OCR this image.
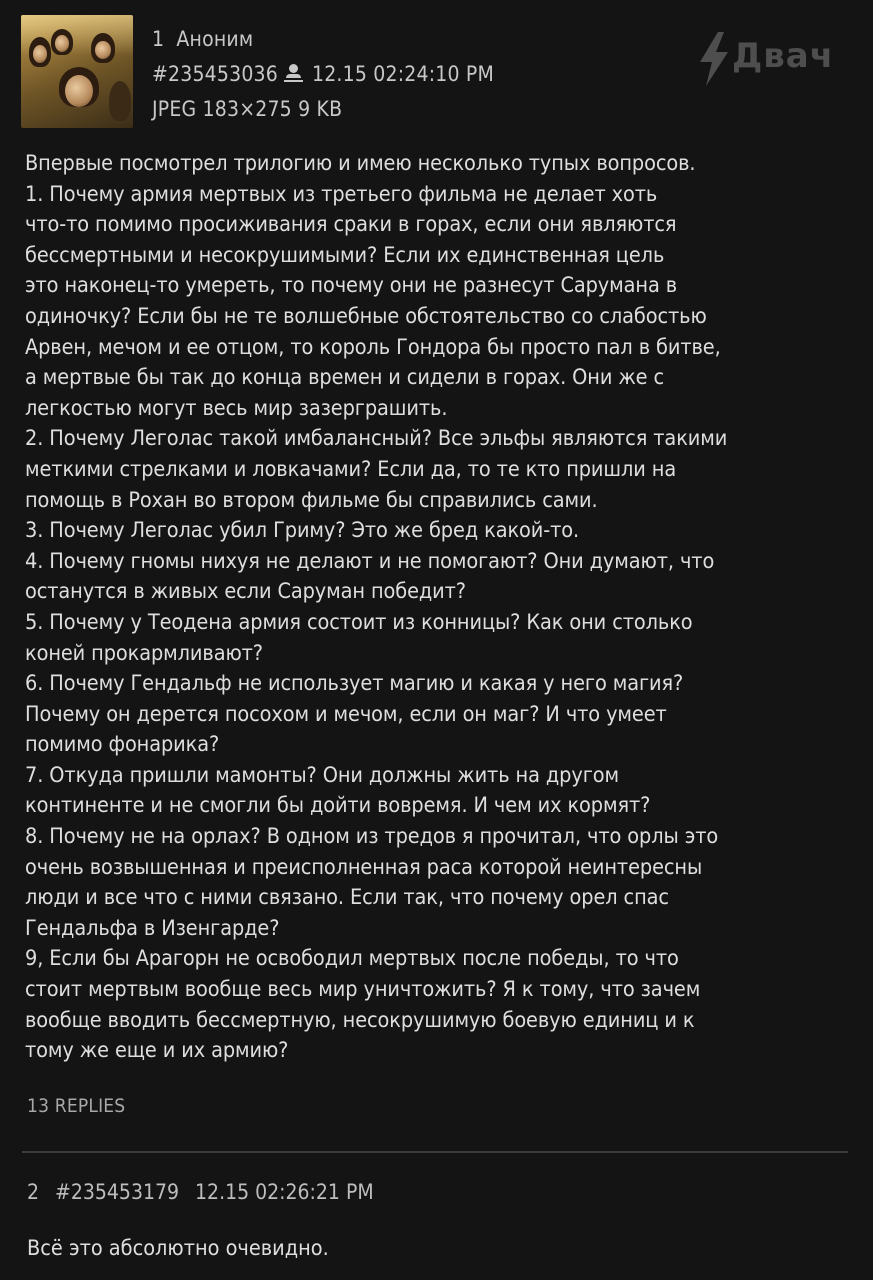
1 Аноним
#235453036 12.15 02:24:10 PM
JPEG 183×275 9 KB
Двач
Впервые посмотрел трилогию и имею несколько тупых вопросов.
1. Почему армия мертвых из третьего фильма не делает хоть
что-то помимо просиживания сраки в горах, если они являются
бессмертными и несокрушимыми? Если их единственная цель
это наконец-то умереть, то почему они не разнесут Сарумана в
одиночку? Если бы не те волшебные обстоятельство со слабостью
Арвен, мечом и ее отцом, то король Гондора бы просто пал в битве,
а мертвые бы так до конца времен и сидели в горах. Они же с
легкостью могут весь мир зазерграшить.
2. Почему Леголас такой имбалансный? Все эльфы являются такими
меткими стрелками и ловкачами? Если да, то те кто пришли на
помощь в Рохан во втором фильме бы справились сами.
3. Почему Леголас убил Гриму? Это же бред какой-то.
4. Почему гномы нихуя не делают и не помогают? Они думают, что
останутся в живых если Саруман победит?
5. Почему у Теодена армия состоит из конницы? Как они столько
коней прокармливают?
6. Почему Гендальф не использует магию и какая у него магия?
Почему он дерется посохом и мечом, если он маг? И что умеет
помимо фонарика?
7. Откуда пришли мамонты? Они должны жить на другом
континенте и не смогли бы дойти вовремя. И чем их кормят?
8. Почему не на орлах? В одном из тредов я прочитал, что орлы это
очень возвышенная и преисполненная раса которой неинтересны
люди и все что с ними связано. Если так, что почему орел спас
Гендальфа в Изенгарде?
9, Если бы Арагорн не освободил мертвых после победы, то что
стоит мертвым вообще весь мир уничтожить? Я к тому, что зачем
вообще вводить бессмертную, несокрушимую боевую единиц и к
тому же еще и их армию?
13 REPLIES
2 #235453179 12.15 02:26:21 PM
Всё это абсолютно очевидно.
